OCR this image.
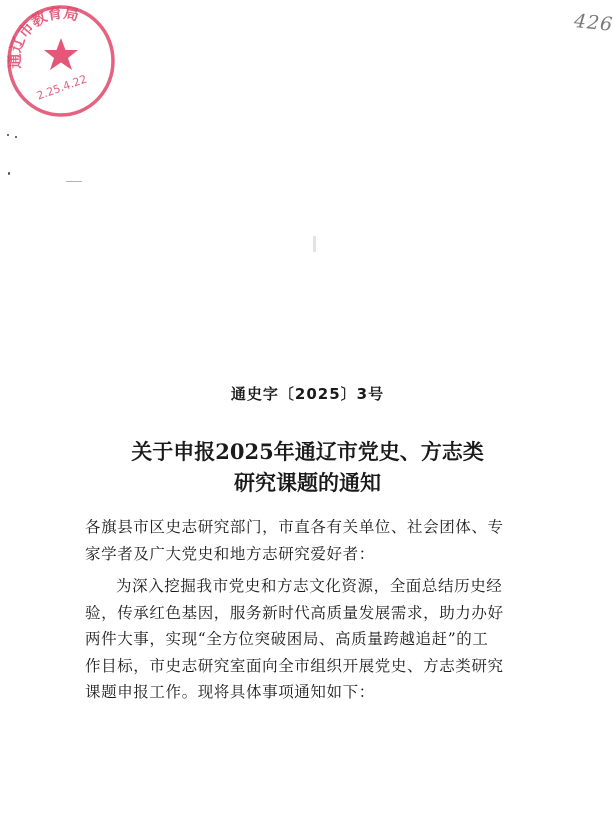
通辽市教育局
2.25.4.22
426
通史字〔2025〕3号
关于申报2025年通辽市党史、方志类
研究课题的通知
各旗县市区史志研究部门，市直各有关单位、社会团体、专
家学者及广大党史和地方志研究爱好者：
为深入挖掘我市党史和方志文化资源，全面总结历史经
验，传承红色基因，服务新时代高质量发展需求，助力办好
两件大事，实现“全方位突破困局、高质量跨越追赶”的工
作目标，市史志研究室面向全市组织开展党史、方志类研究
课题申报工作。现将具体事项通知如下：
